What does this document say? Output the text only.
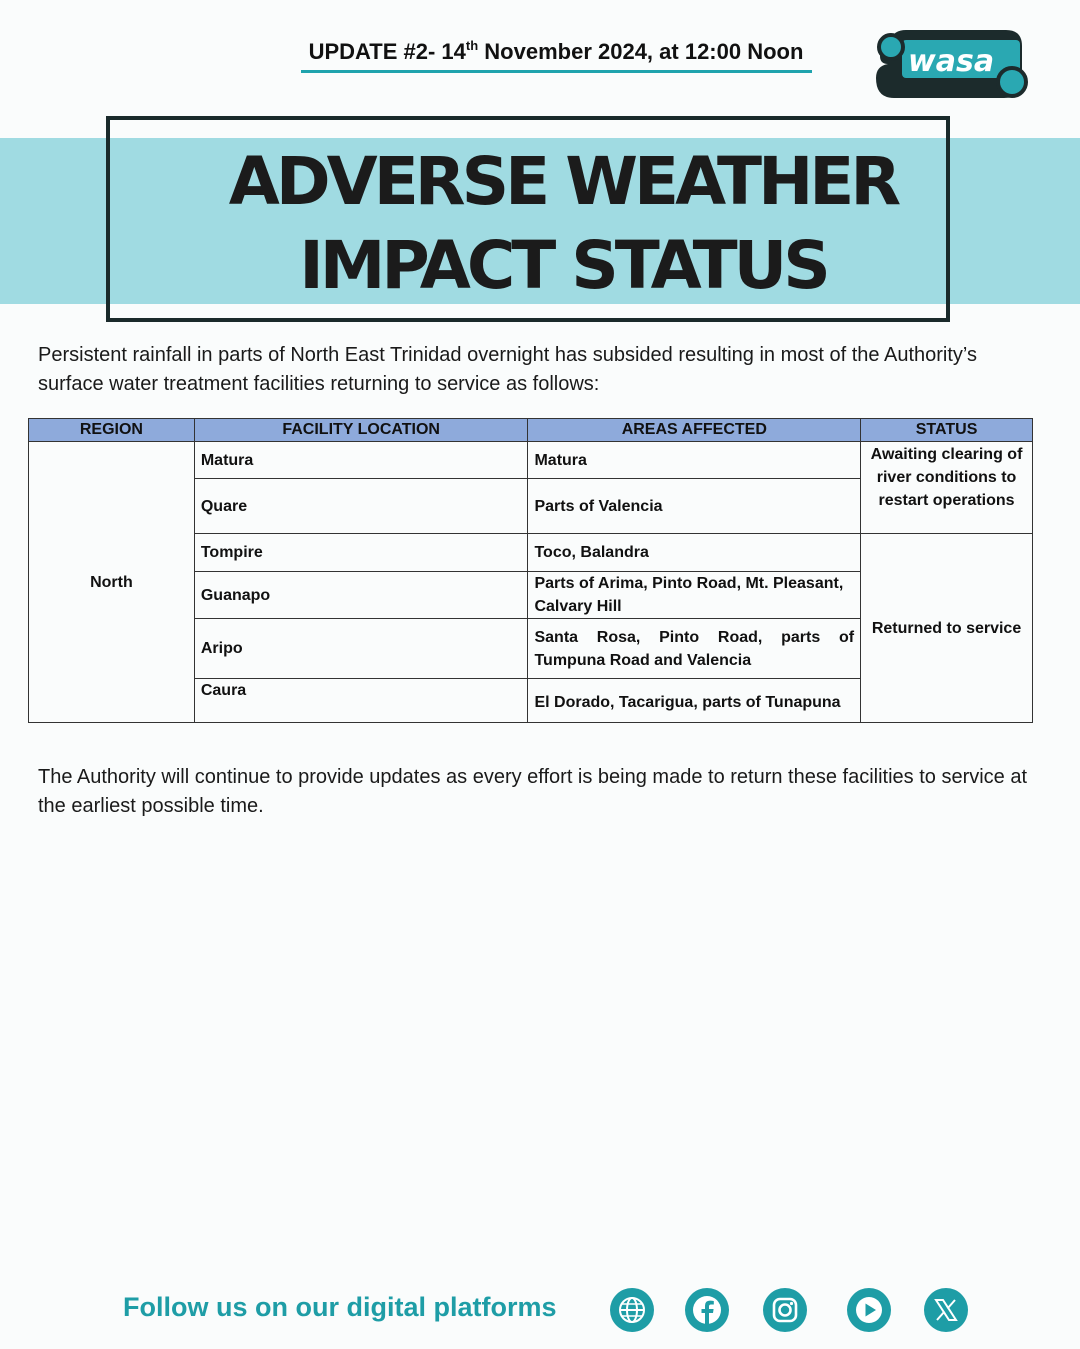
UPDATE #2- 14th November 2024, at 12:00 Noon	wasa
ADVERSE WEATHER
IMPACT STATUS
Persistent rainfall in parts of North East Trinidad overnight has subsided resulting in most of the Authority’s surface water treatment facilities returning to service as follows:
REGION	FACILITY LOCATION	AREAS AFFECTED	STATUS
North	Matura	Matura	Awaiting clearing of river conditions to restart operations
	Quare	Parts of Valencia	
	Tompire	Toco, Balandra	Returned to service
	Guanapo	Parts of Arima, Pinto Road, Mt. Pleasant, Calvary Hill	
	Aripo	Santa Rosa, Pinto Road, parts of Tumpuna Road and Valencia	
	Caura	El Dorado, Tacarigua, parts of Tunapuna	
The Authority will continue to provide updates as every effort is being made to return these facilities to service at the earliest possible time.
Follow us on our digital platforms
